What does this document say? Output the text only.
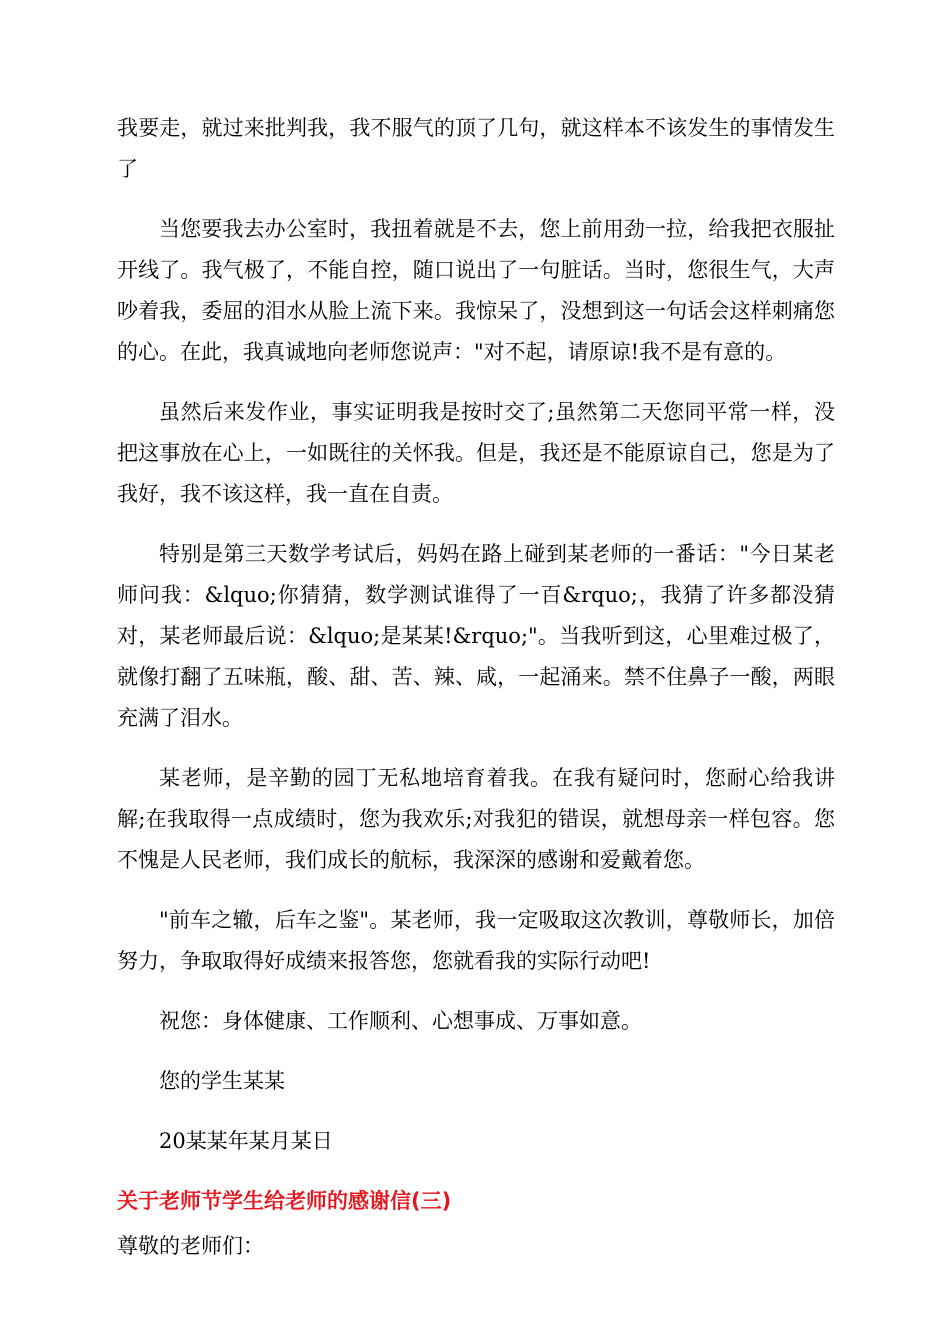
我要走，就过来批判我，我不服气的顶了几句，就这样本不该发生的事情发生了

当您要我去办公室时，我扭着就是不去，您上前用劲一拉，给我把衣服扯开线了。我气极了，不能自控，随口说出了一句脏话。当时，您很生气，大声吵着我，委屈的泪水从脸上流下来。我惊呆了，没想到这一句话会这样刺痛您的心。在此，我真诚地向老师您说声："对不起，请原谅!我不是有意的。

虽然后来发作业，事实证明我是按时交了;虽然第二天您同平常一样，没把这事放在心上，一如既往的关怀我。但是，我还是不能原谅自己，您是为了我好，我不该这样，我一直在自责。

特别是第三天数学考试后，妈妈在路上碰到某老师的一番话："今日某老师问我：&lquo;你猜猜，数学测试谁得了一百&rquo;，我猜了许多都没猜对，某老师最后说：&lquo;是某某!&rquo;"。当我听到这，心里难过极了，就像打翻了五味瓶，酸、甜、苦、辣、咸，一起涌来。禁不住鼻子一酸，两眼充满了泪水。

某老师，是辛勤的园丁无私地培育着我。在我有疑问时，您耐心给我讲解;在我取得一点成绩时，您为我欢乐;对我犯的错误，就想母亲一样包容。您不愧是人民老师，我们成长的航标，我深深的感谢和爱戴着您。

"前车之辙，后车之鉴"。某老师，我一定吸取这次教训，尊敬师长，加倍努力，争取取得好成绩来报答您，您就看我的实际行动吧!

祝您：身体健康、工作顺利、心想事成、万事如意。

您的学生某某

20某某年某月某日

关于老师节学生给老师的感谢信(三)

尊敬的老师们：
